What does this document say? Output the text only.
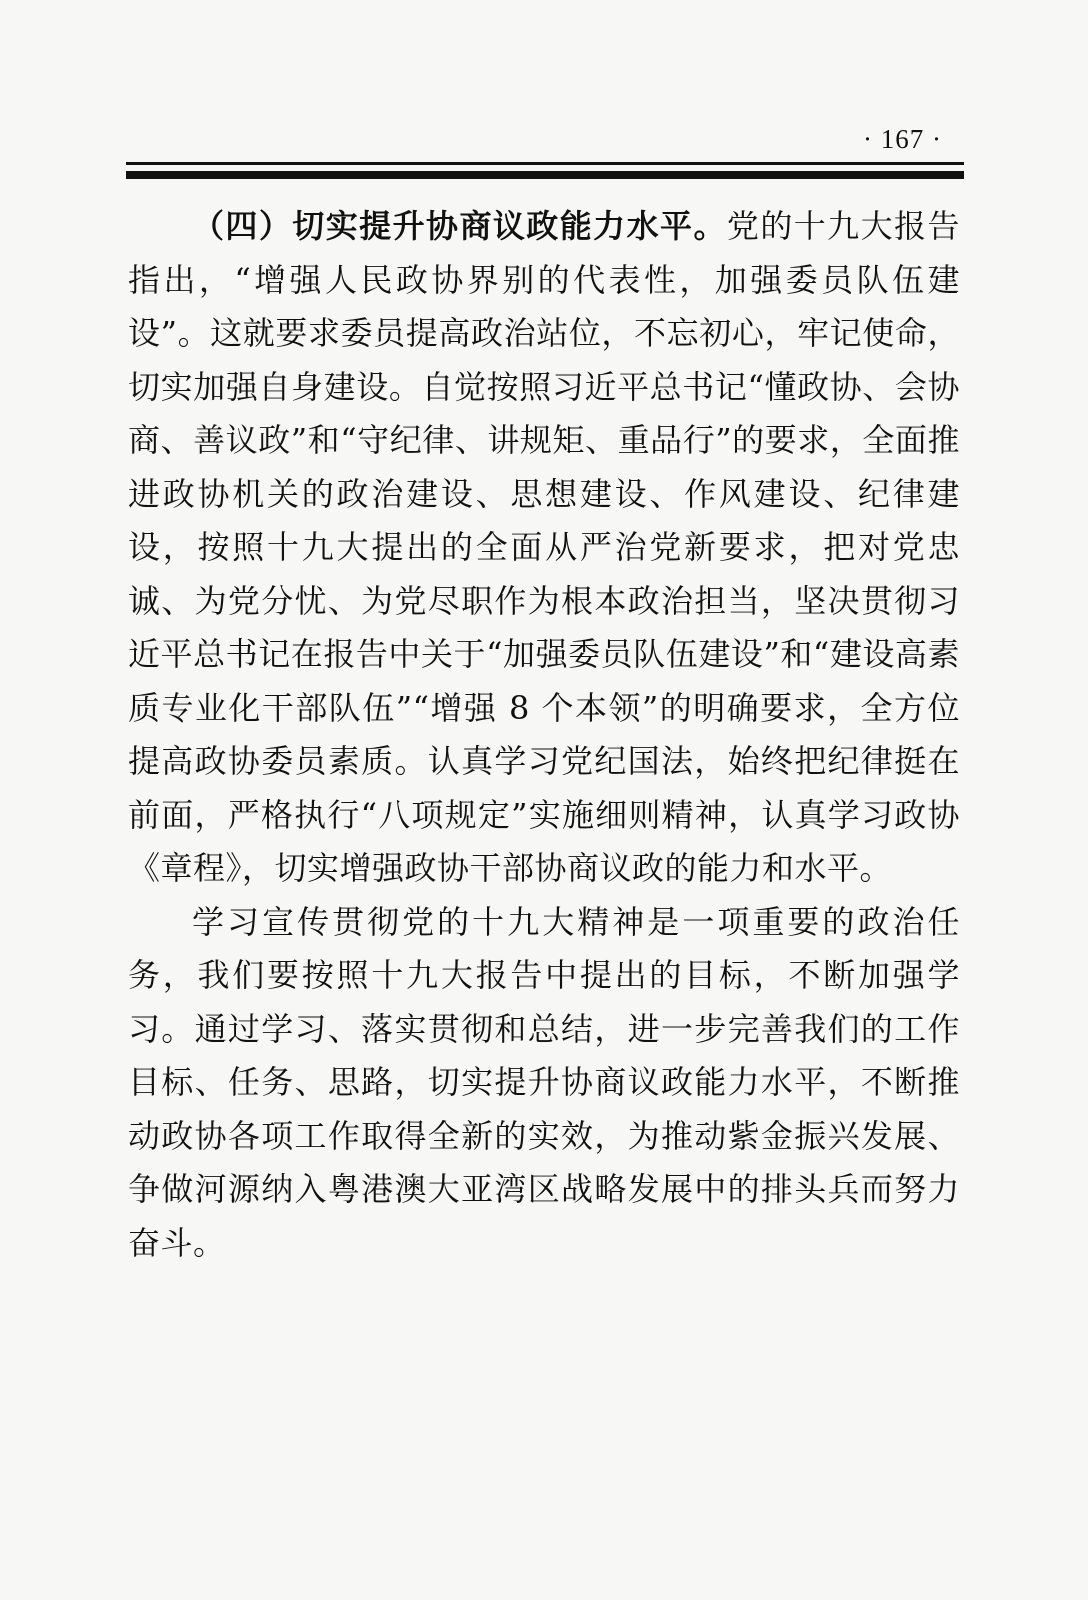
· 167 ·

（四）切实提升协商议政能力水平。党的十九大报告指出，“增强人民政协界别的代表性，加强委员队伍建设”。这就要求委员提高政治站位，不忘初心，牢记使命，切实加强自身建设。自觉按照习近平总书记“懂政协、会协商、善议政”和“守纪律、讲规矩、重品行”的要求，全面推进政协机关的政治建设、思想建设、作风建设、纪律建设，按照十九大提出的全面从严治党新要求，把对党忠诚、为党分忧、为党尽职作为根本政治担当，坚决贯彻习近平总书记在报告中关于“加强委员队伍建设”和“建设高素质专业化干部队伍”“增强 8 个本领”的明确要求，全方位提高政协委员素质。认真学习党纪国法，始终把纪律挺在前面，严格执行“八项规定”实施细则精神，认真学习政协《章程》，切实增强政协干部协商议政的能力和水平。

学习宣传贯彻党的十九大精神是一项重要的政治任务，我们要按照十九大报告中提出的目标，不断加强学习。通过学习、落实贯彻和总结，进一步完善我们的工作目标、任务、思路，切实提升协商议政能力水平，不断推动政协各项工作取得全新的实效，为推动紫金振兴发展、争做河源纳入粤港澳大亚湾区战略发展中的排头兵而努力奋斗。
